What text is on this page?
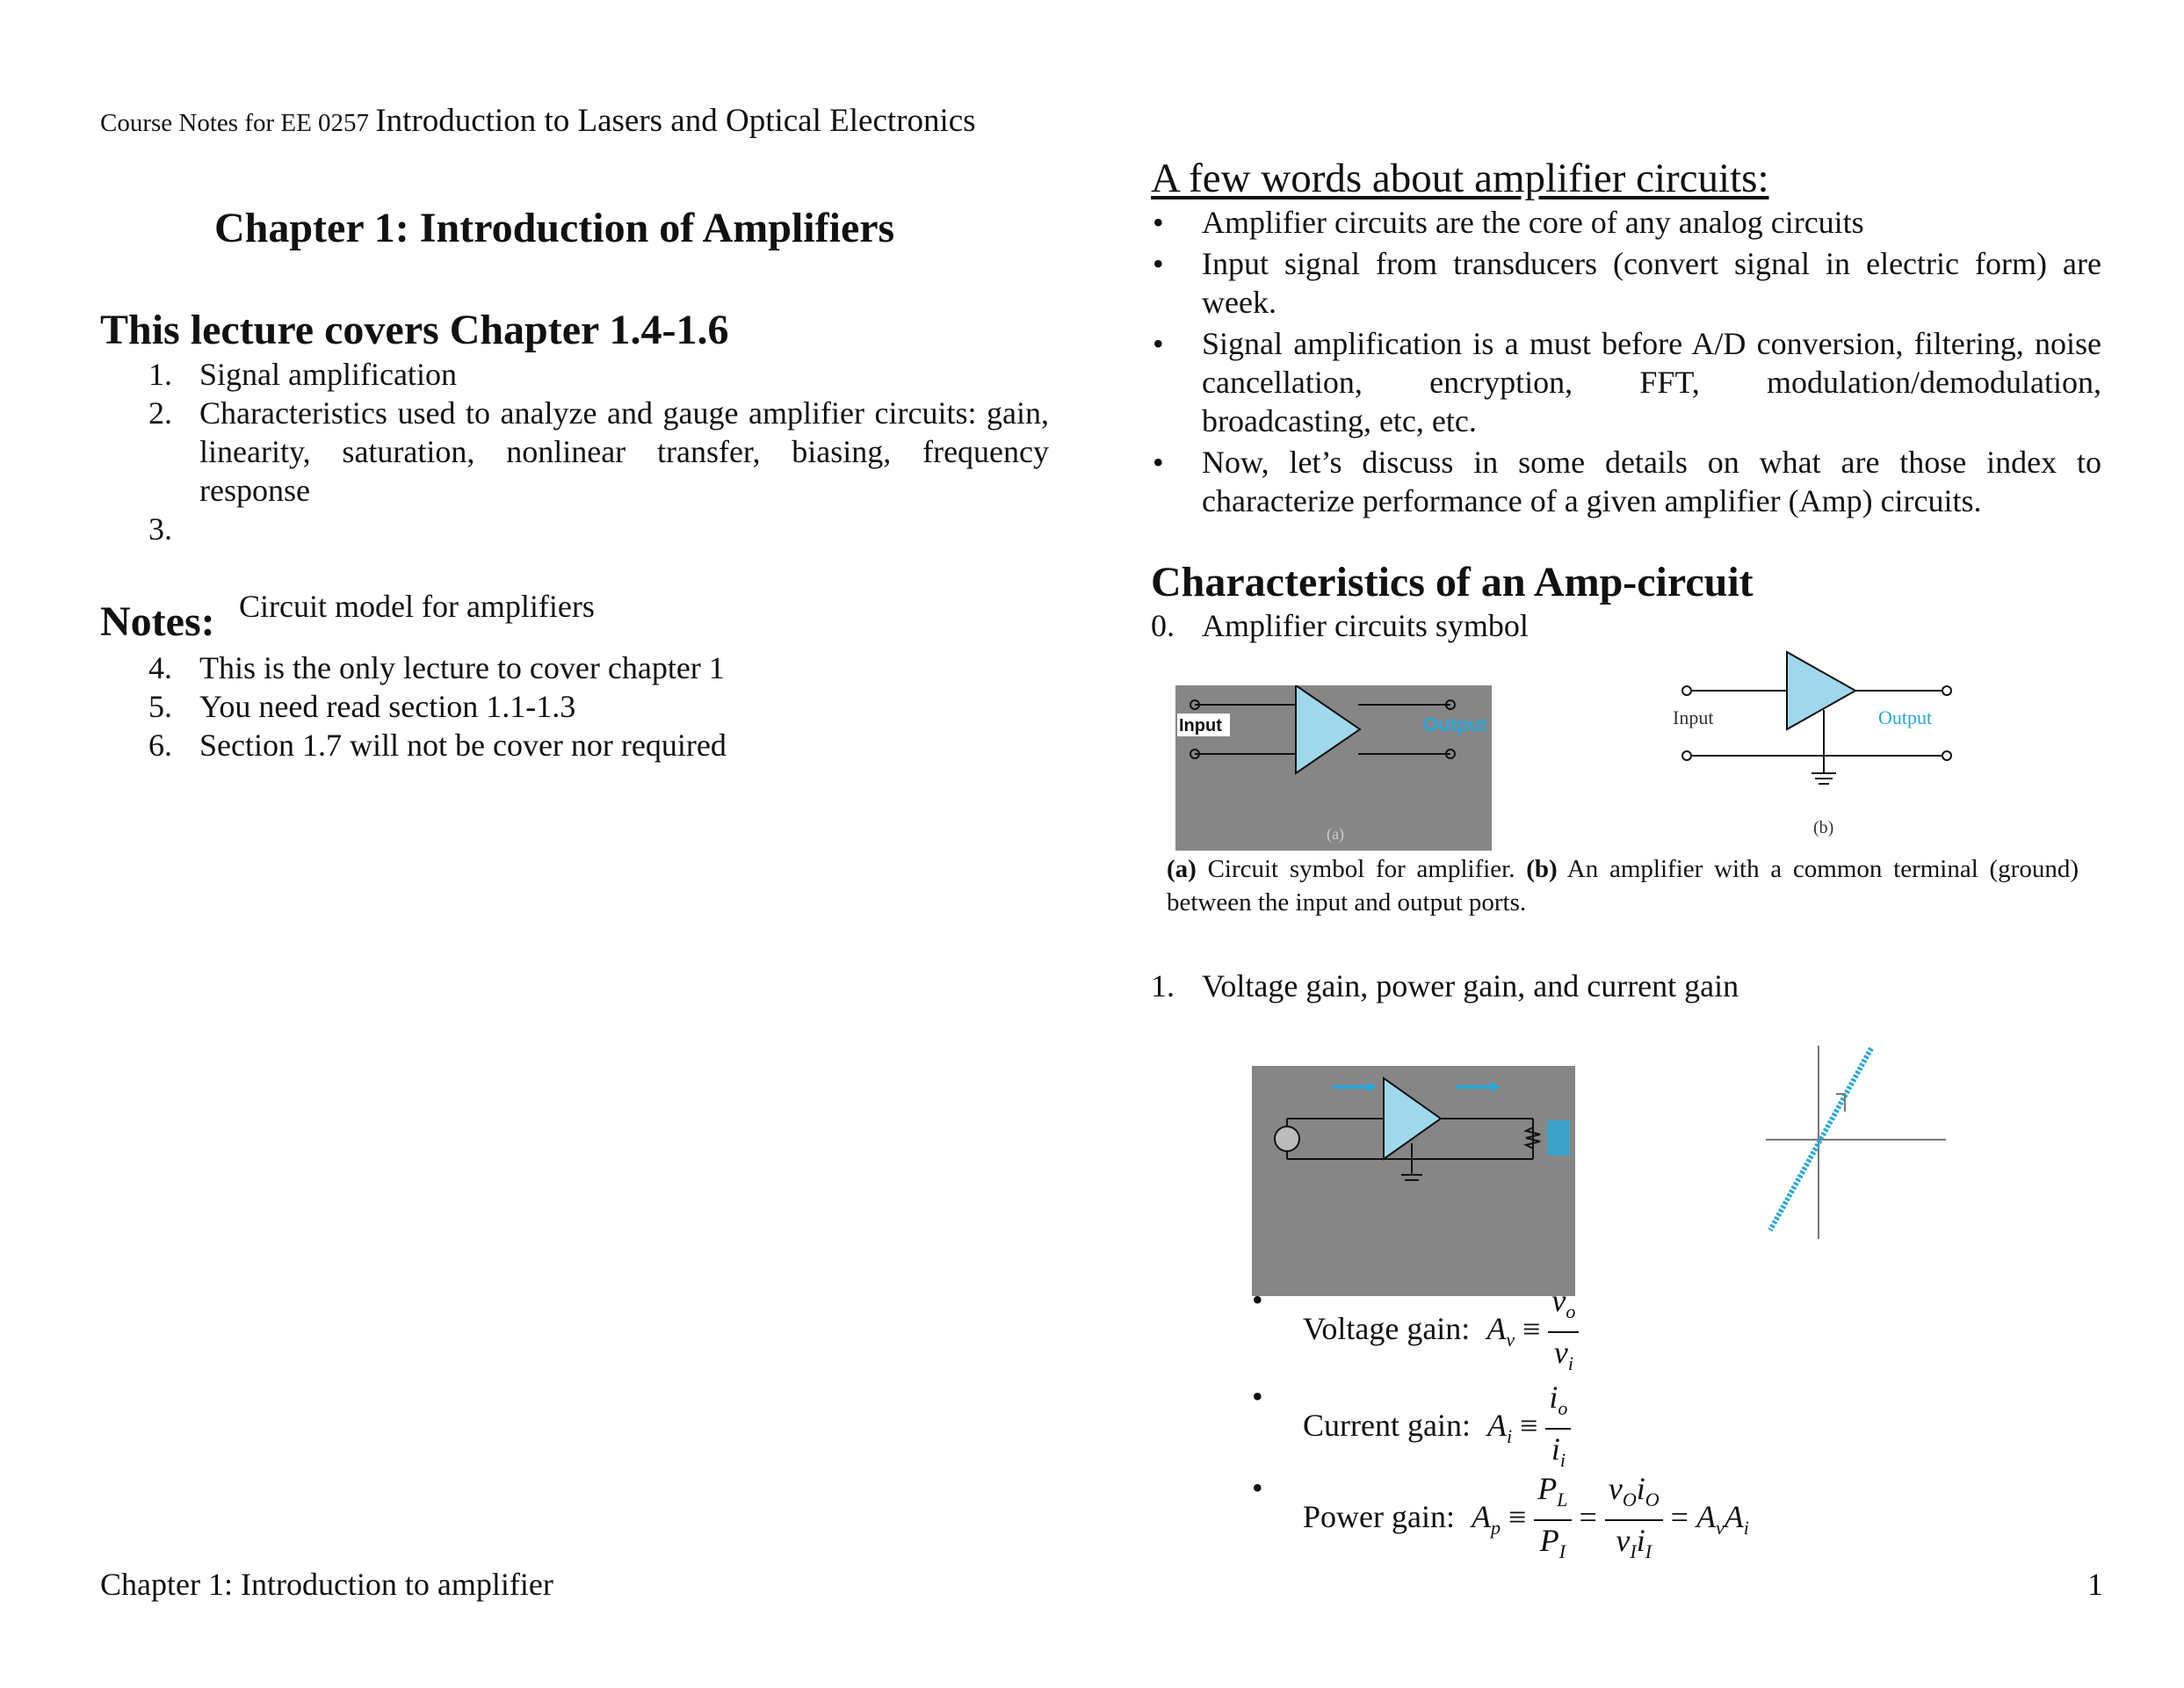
Course Notes for EE 0257 Introduction to Lasers and Optical Electronics
Chapter 1: Introduction of Amplifiers
This lecture covers Chapter 1.4-1.6
1. Signal amplification
2. Characteristics used to analyze and gauge amplifier circuits: gain, linearity, saturation, nonlinear transfer, biasing, frequency response

3.

Circuit model for amplifiers

Notes:
4. This is the only lecture to cover chapter 1
5. You need read section 1.1-1.3
6. Section 1.7 will not be cover nor required
A few words about amplifier circuits:
• Amplifier circuits are the core of any analog circuits
• Input signal from transducers (convert signal in electric form) are week.
• Signal amplification is a must before A/D conversion, filtering, noise cancellation, encryption, FFT, modulation/demodulation, broadcasting, etc, etc.
• Now, let’s discuss in some details on what are those index to characterize performance of a given amplifier (Amp) circuits.
Characteristics of an Amp-circuit
0. Amplifier circuits symbol
Input	Output
(a)
Input	Output
(b)
(a) Circuit symbol for amplifier. (b) An amplifier with a common terminal (ground) between the input and output ports.
1. Voltage gain, power gain, and current gain
•
Voltage gain: $A_v \equiv \frac{v_o}{v_i}$
•
Current gain: $A_i \equiv \frac{i_o}{i_i}$
•
Power gain: $A_p \equiv \frac{P_L}{P_I} = \frac{v_Oi_O}{v_Ii_I} = A_vA_i$
Chapter 1: Introduction to amplifier	1
